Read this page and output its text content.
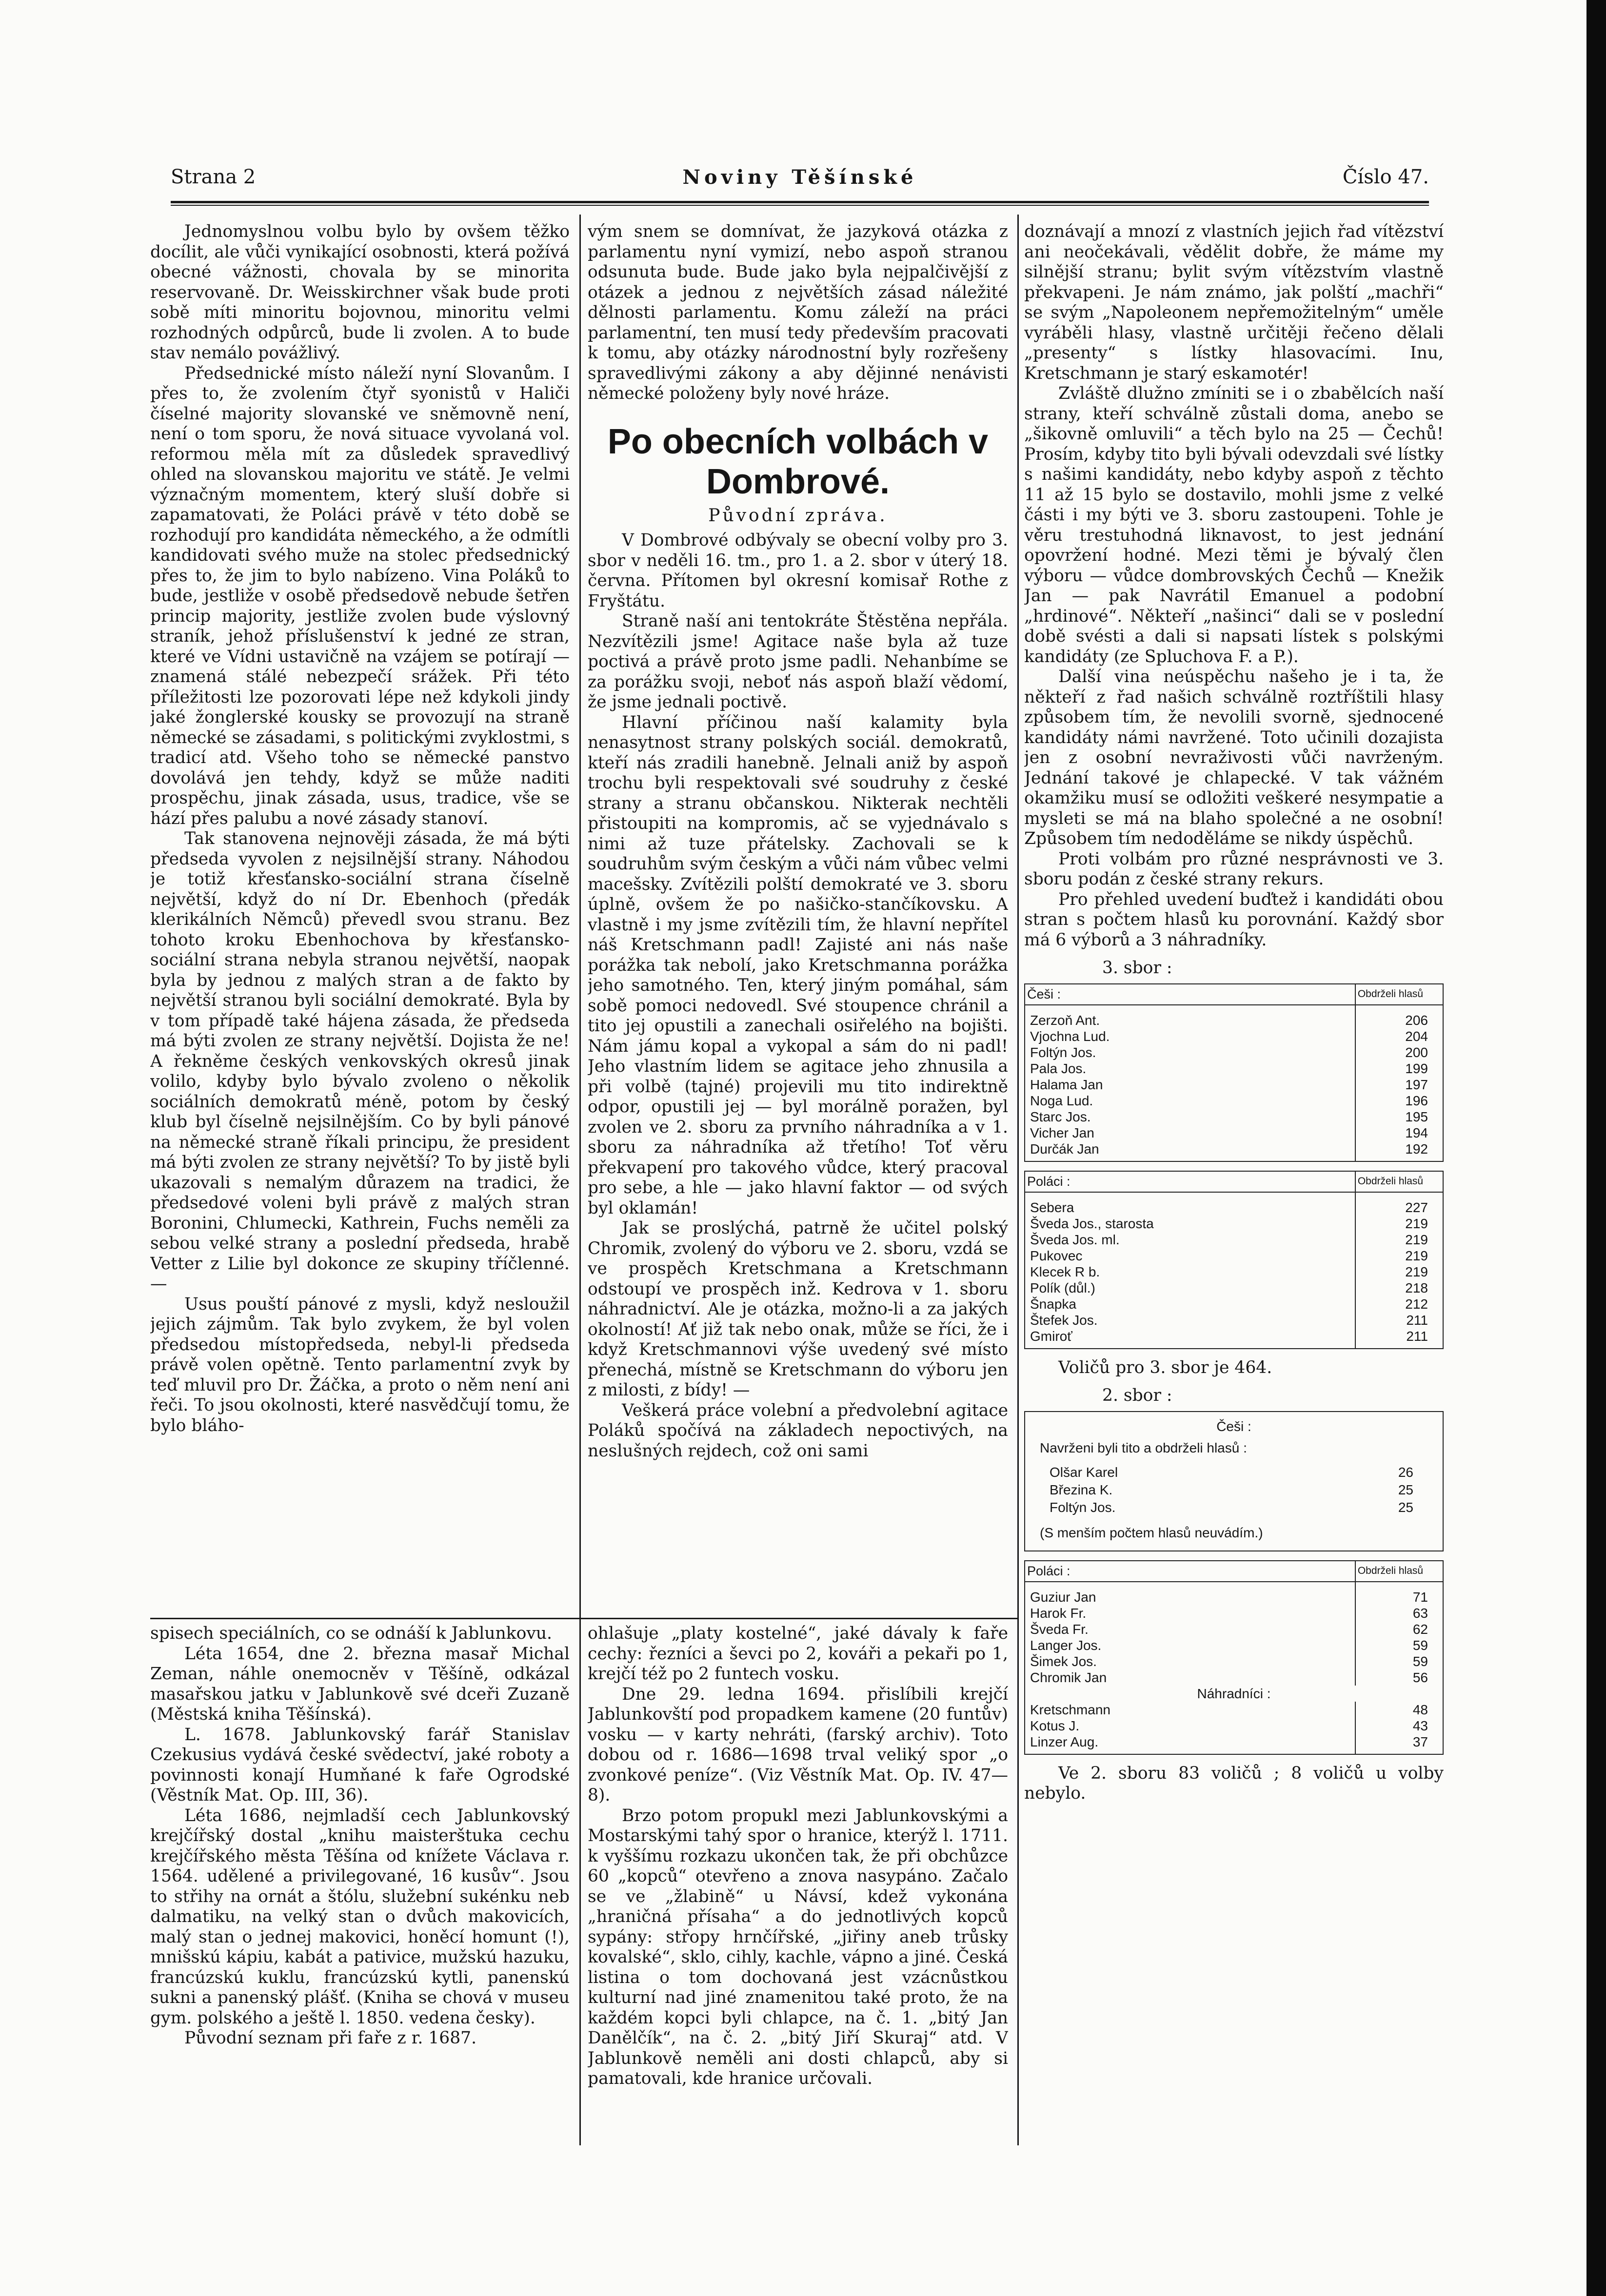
Strana 2	Noviny Těšínské	Číslo 47.

Jednomyslnou volbu bylo by ovšem těžko docílit, ale vůči vynikající osobnosti, která požívá obecné vážnosti, chovala by se minorita reservovaně. Dr. Weisskirchner však bude proti sobě míti minoritu bojovnou, minoritu velmi rozhodných odpůrců, bude li zvolen. A to bude stav nemálo povážlivý.

Předsednické místo náleží nyní Slovanům. I přes to, že zvolením čtyř syonistů v Haliči číselné majority slovanské ve sněmovně není, není o tom sporu, že nová situace vyvolaná vol. reformou měla mít za důsledek spravedlivý ohled na slovanskou majoritu ve státě. Je velmi význačným momentem, který sluší dobře si zapamatovati, že Poláci právě v této době se rozhodují pro kandidáta německého, a že odmítli kandidovati svého muže na stolec předsednický přes to, že jim to bylo nabízeno. Vina Poláků to bude, jestliže v osobě předsedově nebude šetřen princip majority, jestliže zvolen bude výslovný straník, jehož příslušenství k jedné ze stran, které ve Vídni ustavičně na vzájem se potírají — znamená stálé nebezpečí srážek. Při této příležitosti lze pozorovati lépe než kdykoli jindy jaké žonglerské kousky se provozují na straně německé se zásadami, s politickými zvyklostmi, s tradicí atd. Všeho toho se německé panstvo dovolává jen tehdy, když se může naditi prospěchu, jinak zásada, usus, tradice, vše se hází přes palubu a nové zásady stanoví.

Tak stanovena nejnověji zásada, že má býti předseda vyvolen z nejsilnější strany. Náhodou je totiž křesťansko-sociální strana číselně největší, když do ní Dr. Ebenhoch (předák klerikálních Němců) převedl svou stranu. Bez tohoto kroku Ebenhochova by křesťansko-sociální strana nebyla stranou největší, naopak byla by jednou z malých stran a de fakto by největší stranou byli sociální demokraté. Byla by v tom případě také hájena zásada, že předseda má býti zvolen ze strany největší. Dojista že ne! A řekněme českých venkovských okresů jinak volilo, kdyby bylo bývalo zvoleno o několik sociálních demokratů méně, potom by český klub byl číselně nejsilnějším. Co by byli pánové na německé straně říkali principu, že president má býti zvolen ze strany největší? To by jistě byli ukazovali s nemalým důrazem na tradici, že předsedové voleni byli právě z malých stran Boronini, Chlumecki, Kathrein, Fuchs neměli za sebou velké strany a poslední předseda, hrabě Vetter z Lilie byl dokonce ze skupiny tříčlenné. —

Usus pouští pánové z mysli, když nesloužil jejich zájmům. Tak bylo zvykem, že byl volen předsedou místopředseda, nebyl-li předseda právě volen opětně. Tento parlamentní zvyk by teď mluvil pro Dr. Žáčka, a proto o něm není ani řeči. To jsou okolnosti, které nasvědčují tomu, že bylo bláho-

vým snem se domnívat, že jazyková otázka z parlamentu nyní vymizí, nebo aspoň stranou odsunuta bude. Bude jako byla nejpalčivější z otázek a jednou z největších zásad náležité dělnosti parlamentu. Komu záleží na práci parlamentní, ten musí tedy především pracovati k tomu, aby otázky národnostní byly rozřešeny spravedlivými zákony a aby dějinné nenávisti německé položeny byly nové hráze.

Po obecních volbách v Dombrové.
Původní zpráva.

V Dombrové odbývaly se obecní volby pro 3. sbor v neděli 16. tm., pro 1. a 2. sbor v úterý 18. června. Přítomen byl okresní komisař Rothe z Fryštátu.

Straně naší ani tentokráte Štěstěna nepřála. Nezvítězili jsme! Agitace naše byla až tuze poctivá a právě proto jsme padli. Nehanbíme se za porážku svoji, neboť nás aspoň blaží vědomí, že jsme jednali poctivě.

Hlavní příčinou naší kalamity byla nenasytnost strany polských sociál. demokratů, kteří nás zradili hanebně. Jelnali aniž by aspoň trochu byli respektovali své soudruhy z české strany a stranu občanskou. Nikterak nechtěli přistoupiti na kompromis, ač se vyjednávalo s nimi až tuze přátelsky. Zachovali se k soudruhům svým českým a vůči nám vůbec velmi macešsky. Zvítězili polští demokraté ve 3. sboru úplně, ovšem že po našičko-stančíkovsku. A vlastně i my jsme zvítězili tím, že hlavní nepřítel náš Kretschmann padl! Zajisté ani nás naše porážka tak nebolí, jako Kretschmanna porážka jeho samotného. Ten, který jiným pomáhal, sám sobě pomoci nedovedl. Své stoupence chránil a tito jej opustili a zanechali osiřelého na bojišti. Nám jámu kopal a vykopal a sám do ni padl! Jeho vlastním lidem se agitace jeho zhnusila a při volbě (tajné) projevili mu tito indirektně odpor, opustili jej — byl morálně poražen, byl zvolen ve 2. sboru za prvního náhradníka a v 1. sboru za náhradníka až třetího! Toť věru překvapení pro takového vůdce, který pracoval pro sebe, a hle — jako hlavní faktor — od svých byl oklamán!

Jak se proslýchá, patrně že učitel polský Chromik, zvolený do výboru ve 2. sboru, vzdá se ve prospěch Kretschmana a Kretschmann odstoupí ve prospěch inž. Kedrova v 1. sboru náhradnictví. Ale je otázka, možno-li a za jakých okolností! Ať již tak nebo onak, může se říci, že i když Kretschmannovi výše uvedený své místo přenechá, místně se Kretschmann do výboru jen z milosti, z bídy! —

Veškerá práce volební a předvolební agitace Poláků spočívá na základech nepoctivých, na neslušných rejdech, což oni sami

doznávají a mnozí z vlastních jejich řad vítězství ani neočekávali, vědělit dobře, že máme my silnější stranu; bylit svým vítězstvím vlastně překvapeni. Je nám známo, jak polští „machři“ se svým „Napoleonem nepřemožitelným“ uměle vyráběli hlasy, vlastně určitěji řečeno dělali „presenty“ s lístky hlasovacími. Inu, Kretschmann je starý eskamotér!

Zvláště dlužno zmíniti se i o zbabělcích naší strany, kteří schválně zůstali doma, anebo se „šikovně omluvili“ a těch bylo na 25 — Čechů! Prosím, kdyby tito byli bývali odevzdali své lístky s našimi kandidáty, nebo kdyby aspoň z těchto 11 až 15 bylo se dostavilo, mohli jsme z velké části i my býti ve 3. sboru zastoupeni. Tohle je věru trestuhodná liknavost, to jest jednání opovržení hodné. Mezi těmi je bývalý člen výboru — vůdce dombrovských Čechů — Knežik Jan — pak Navrátil Emanuel a podobní „hrdinové“. Někteří „našinci“ dali se v poslední době svésti a dali si napsati lístek s polskými kandidáty (ze Spluchova F. a P.).

Další vina neúspěchu našeho je i ta, že někteří z řad našich schválně roztříštili hlasy způsobem tím, že nevolili svorně, sjednocené kandidáty námi navržené. Toto učinili dozajista jen z osobní nevraživosti vůči navrženým. Jednání takové je chlapecké. V tak vážném okamžiku musí se odložiti veškeré nesympatie a mysleti se má na blaho společné a ne osobní! Způsobem tím nedoděláme se nikdy úspěchů.

Proti volbám pro různé nesprávnosti ve 3. sboru podán z české strany rekurs.

Pro přehled uvedení buďtež i kandidáti obou stran s počtem hlasů ku porovnání. Každý sbor má 6 výborů a 3 náhradníky.

3. sbor :

Češi :	Obdrželi hlasů
Zerzoň Ant.	206
Vjochna Lud.	204
Foltýn Jos.	200
Pala Jos.	199
Halama Jan	197
Noga Lud.	196
Starc Jos.	195
Vicher Jan	194
Durčák Jan	192
Poláci :	Obdrželi hlasů
Sebera	227
Šveda Jos., starosta	219
Šveda Jos. ml.	219
Pukovec	219
Klecek R b.	219
Polík (důl.)	218
Šnapka	212
Štefek Jos.	211
Gmiroť	211

Voličů pro 3. sbor je 464.

2. sbor :

Češi :
Navrženi byli tito a obdrželi hlasů :
Olšar Karel	26
Březina K.	25
Foltýn Jos.	25
(S menším počtem hlasů neuvádím.)
Poláci :	Obdrželi hlasů
Guziur Jan	71
Harok Fr.	63
Šveda Fr.	62
Langer Jos.	59
Šimek Jos.	59
Chromik Jan	56
Náhradníci :	
Kretschmann	48
Kotus J.	43
Linzer Aug.	37

Ve 2. sboru 83 voličů ; 8 voličů u volby nebylo.

spisech speciálních, co se odnáší k Jablunkovu.

Léta 1654, dne 2. března masař Michal Zeman, náhle onemocněv v Těšíně, odkázal masařskou jatku v Jablunkově své dceři Zuzaně (Městská kniha Těšínská).

L. 1678. Jablunkovský farář Stanislav Czekusius vydává české svědectví, jaké roboty a povinnosti konají Humňané k faře Ogrodské (Věstník Mat. Op. III, 36).

Léta 1686, nejmladší cech Jablunkovský krejčířský dostal „knihu maisterštuka cechu krejčířského města Těšína od knížete Václava r. 1564. udělené a privilegované, 16 kusův“. Jsou to střihy na ornát a štólu, služební sukénku neb dalmatiku, na velký stan o dvůch makovicích, malý stan o jednej makovici, honěcí homunt (!), mnišskú kápiu, kabát a pativice, mužskú hazuku, francúzskú kuklu, francúzskú kytli, panenskú sukni a panenský plášť. (Kniha se chová v museu gym. polského a ještě l. 1850. vedena česky).

Původní seznam při faře z r. 1687.

ohlašuje „platy kostelné“, jaké dávaly k faře cechy: řezníci a ševci po 2, kováři a pekaři po 1, krejčí též po 2 funtech vosku.

Dne 29. ledna 1694. přislíbili krejčí Jablunkovští pod propadkem kamene (20 funtův) vosku — v karty nehráti, (farský archiv). Toto dobou od r. 1686—1698 trval veliký spor „o zvonkové peníze“. (Viz Věstník Mat. Op. IV. 47—8).

Brzo potom propukl mezi Jablunkovskými a Mostarskými tahý spor o hranice, kterýž l. 1711. k vyššímu rozkazu ukončen tak, že při obchůzce 60 „kopců“ otevřeno a znova nasypáno. Začalo se ve „žlabině“ u Návsí, kdež vykonána „hraničná přísaha“ a do jednotlivých kopců sypány: střopy hrnčířské, „jiřiny aneb trůsky kovalské“, sklo, cihly, kachle, vápno a jiné. Česká listina o tom dochovaná jest vzácnůstkou kulturní nad jiné znamenitou také proto, že na každém kopci byli chlapce, na č. 1. „bitý Jan Danělčík“, na č. 2. „bitý Jiří Skuraj“ atd. V Jablunkově neměli ani dosti chlapců, aby si pamatovali, kde hranice určovali.
